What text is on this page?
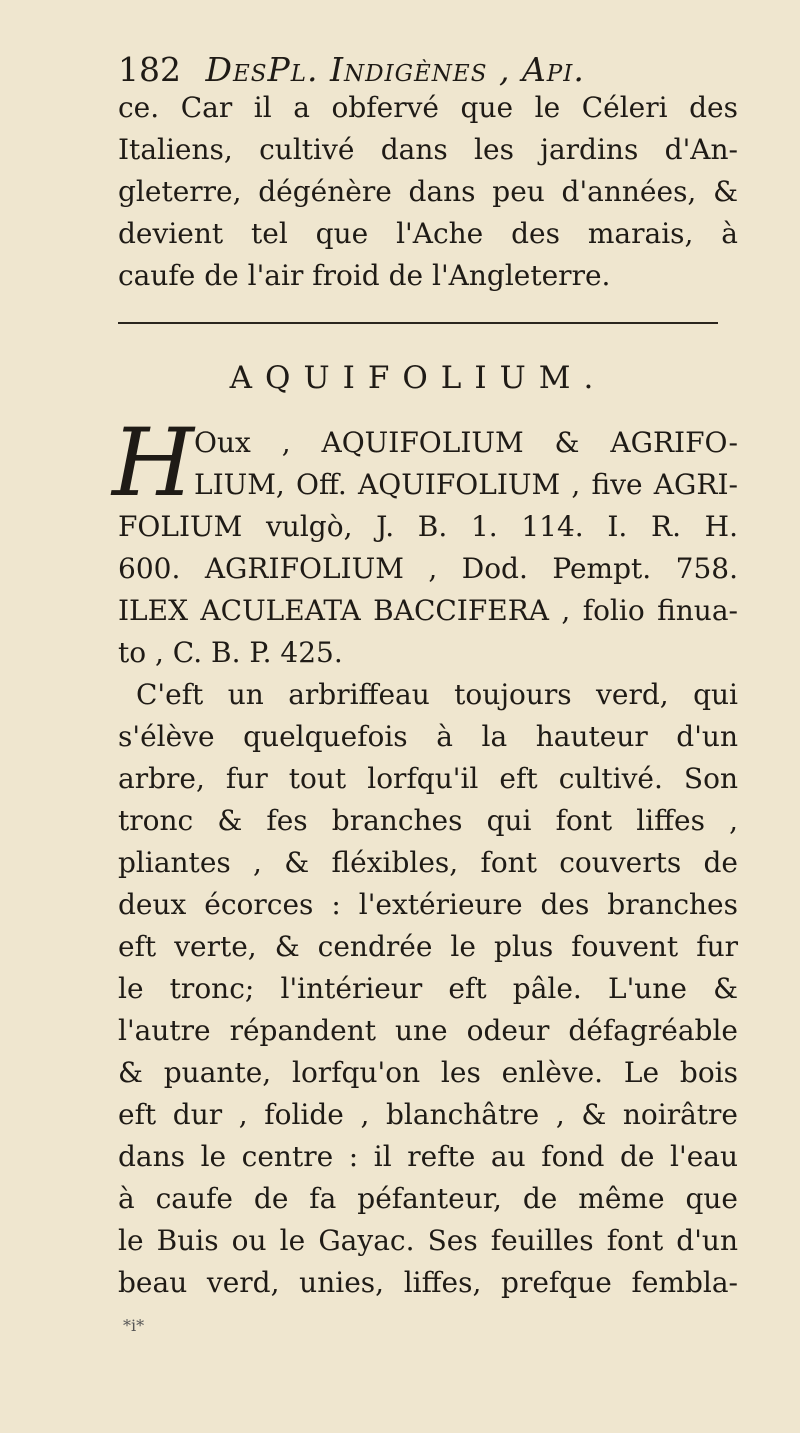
182 DesPl. Indigènes , Api.
ce. Car il a obfervé que le Céleri des
Italiens, cultivé dans les jardins d'An-
gleterre, dégénère dans peu d'années, &
devient tel que l'Ache des marais, à
caufe de l'air froid de l'Angleterre.
AQUIFOLIUM.
H Oux , AQUIFOLIUM & AGRIFO-
LIUM, Off. AQUIFOLIUM , five AGRI-
FOLIUM vulgò, J. B. 1. 114. I. R. H.
600. AGRIFOLIUM , Dod. Pempt. 758.
ILEX ACULEATA BACCIFERA , folio finua-
to , C. B. P. 425.
C'eft un arbriffeau toujours verd, qui
s'élève quelquefois à la hauteur d'un
arbre, fur tout lorfqu'il eft cultivé. Son
tronc & fes branches qui font liffes ,
pliantes , & fléxibles, font couverts de
deux écorces : l'extérieure des branches
eft verte, & cendrée le plus fouvent fur
le tronc; l'intérieur eft pâle. L'une &
l'autre répandent une odeur défagréable
& puante, lorfqu'on les enlève. Le bois
eft dur , folide , blanchâtre , & noirâtre
dans le centre : il refte au fond de l'eau
à caufe de fa péfanteur, de même que
le Buis ou le Gayac. Ses feuilles font d'un
beau verd, unies, liffes, prefque fembla-
*i*
